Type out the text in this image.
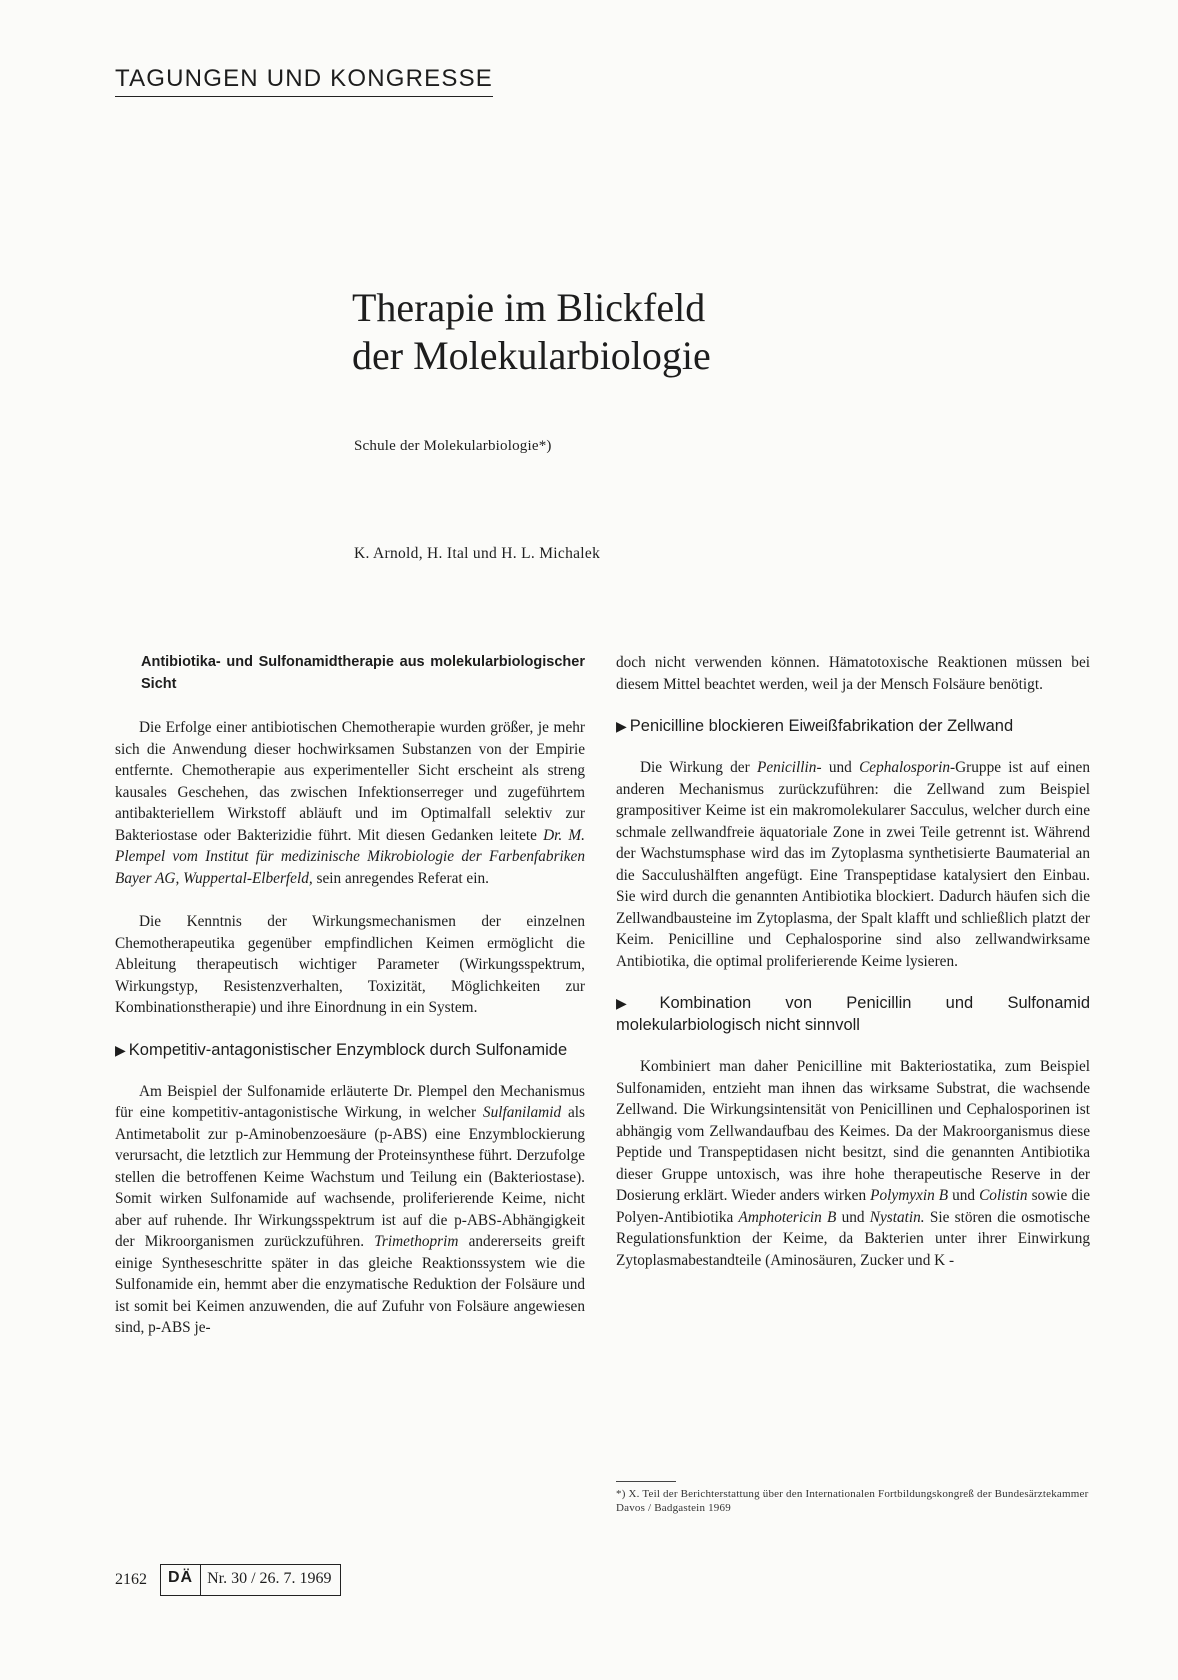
TAGUNGEN UND KONGRESSE
Therapie im Blickfeld
der Molekularbiologie
Schule der Molekularbiologie*)
K. Arnold, H. Ital und H. L. Michalek
Antibiotika- und Sulfonamidtherapie aus molekularbiologischer Sicht

Die Erfolge einer antibiotischen Chemotherapie wurden größer, je mehr sich die Anwendung dieser hochwirksamen Substanzen von der Empirie entfernte. Chemotherapie aus experimenteller Sicht erscheint als streng kausales Geschehen, das zwischen Infektionserreger und zugeführtem antibakteriellem Wirkstoff abläuft und im Optimalfall selektiv zur Bakteriostase oder Bakterizidie führt. Mit diesen Gedanken leitete Dr. M. Plempel vom Institut für medizinische Mikrobiologie der Farbenfabriken Bayer AG, Wuppertal-Elberfeld, sein anregendes Referat ein.

Die Kenntnis der Wirkungsmechanismen der einzelnen Chemotherapeutika gegenüber empfindlichen Keimen ermöglicht die Ableitung therapeutisch wichtiger Parameter (Wirkungsspektrum, Wirkungstyp, Resistenzverhalten, Toxizität, Möglichkeiten zur Kombinationstherapie) und ihre Einordnung in ein System.

▶ Kompetitiv-antagonistischer Enzymblock durch Sulfonamide

Am Beispiel der Sulfonamide erläuterte Dr. Plempel den Mechanismus für eine kompetitiv-antagonistische Wirkung, in welcher Sulfanilamid als Antimetabolit zur p-Aminobenzoesäure (p-ABS) eine Enzymblockierung verursacht, die letztlich zur Hemmung der Proteinsynthese führt. Derzufolge stellen die betroffenen Keime Wachstum und Teilung ein (Bakteriostase). Somit wirken Sulfonamide auf wachsende, proliferierende Keime, nicht aber auf ruhende. Ihr Wirkungsspektrum ist auf die p-ABS-Abhängigkeit der Mikroorganismen zurückzuführen. Trimethoprim andererseits greift einige Syntheseschritte später in das gleiche Reaktionssystem wie die Sulfonamide ein, hemmt aber die enzymatische Reduktion der Folsäure und ist somit bei Keimen anzuwenden, die auf Zufuhr von Folsäure angewiesen sind, p-ABS je-

doch nicht verwenden können. Hämatotoxische Reaktionen müssen bei diesem Mittel beachtet werden, weil ja der Mensch Folsäure benötigt.

▶ Penicilline blockieren Eiweißfabrikation der Zellwand

Die Wirkung der Penicillin- und Cephalosporin-Gruppe ist auf einen anderen Mechanismus zurückzuführen: die Zellwand zum Beispiel grampositiver Keime ist ein makromolekularer Sacculus, welcher durch eine schmale zellwandfreie äquatoriale Zone in zwei Teile getrennt ist. Während der Wachstumsphase wird das im Zytoplasma synthetisierte Baumaterial an die Sacculushälften angefügt. Eine Transpeptidase katalysiert den Einbau. Sie wird durch die genannten Antibiotika blockiert. Dadurch häufen sich die Zellwandbausteine im Zytoplasma, der Spalt klafft und schließlich platzt der Keim. Penicilline und Cephalosporine sind also zellwandwirksame Antibiotika, die optimal proliferierende Keime lysieren.

▶ Kombination von Penicillin und Sulfonamid molekularbiologisch nicht sinnvoll

Kombiniert man daher Penicilline mit Bakteriostatika, zum Beispiel Sulfonamiden, entzieht man ihnen das wirksame Substrat, die wachsende Zellwand. Die Wirkungsintensität von Penicillinen und Cephalosporinen ist abhängig vom Zellwandaufbau des Keimes. Da der Makroorganismus diese Peptide und Transpeptidasen nicht besitzt, sind die genannten Antibiotika dieser Gruppe untoxisch, was ihre hohe therapeutische Reserve in der Dosierung erklärt. Wieder anders wirken Polymyxin B und Colistin sowie die Polyen-Antibiotika Amphotericin B und Nystatin. Sie stören die osmotische Regulationsfunktion der Keime, da Bakterien unter ihrer Einwirkung Zytoplasmabestandteile (Aminosäuren, Zucker und K -

*) X. Teil der Berichterstattung über den Internationalen Fortbildungskongreß der Bundesärztekammer Davos / Badgastein 1969
2162	DÄ Nr. 30 / 26. 7. 1969
